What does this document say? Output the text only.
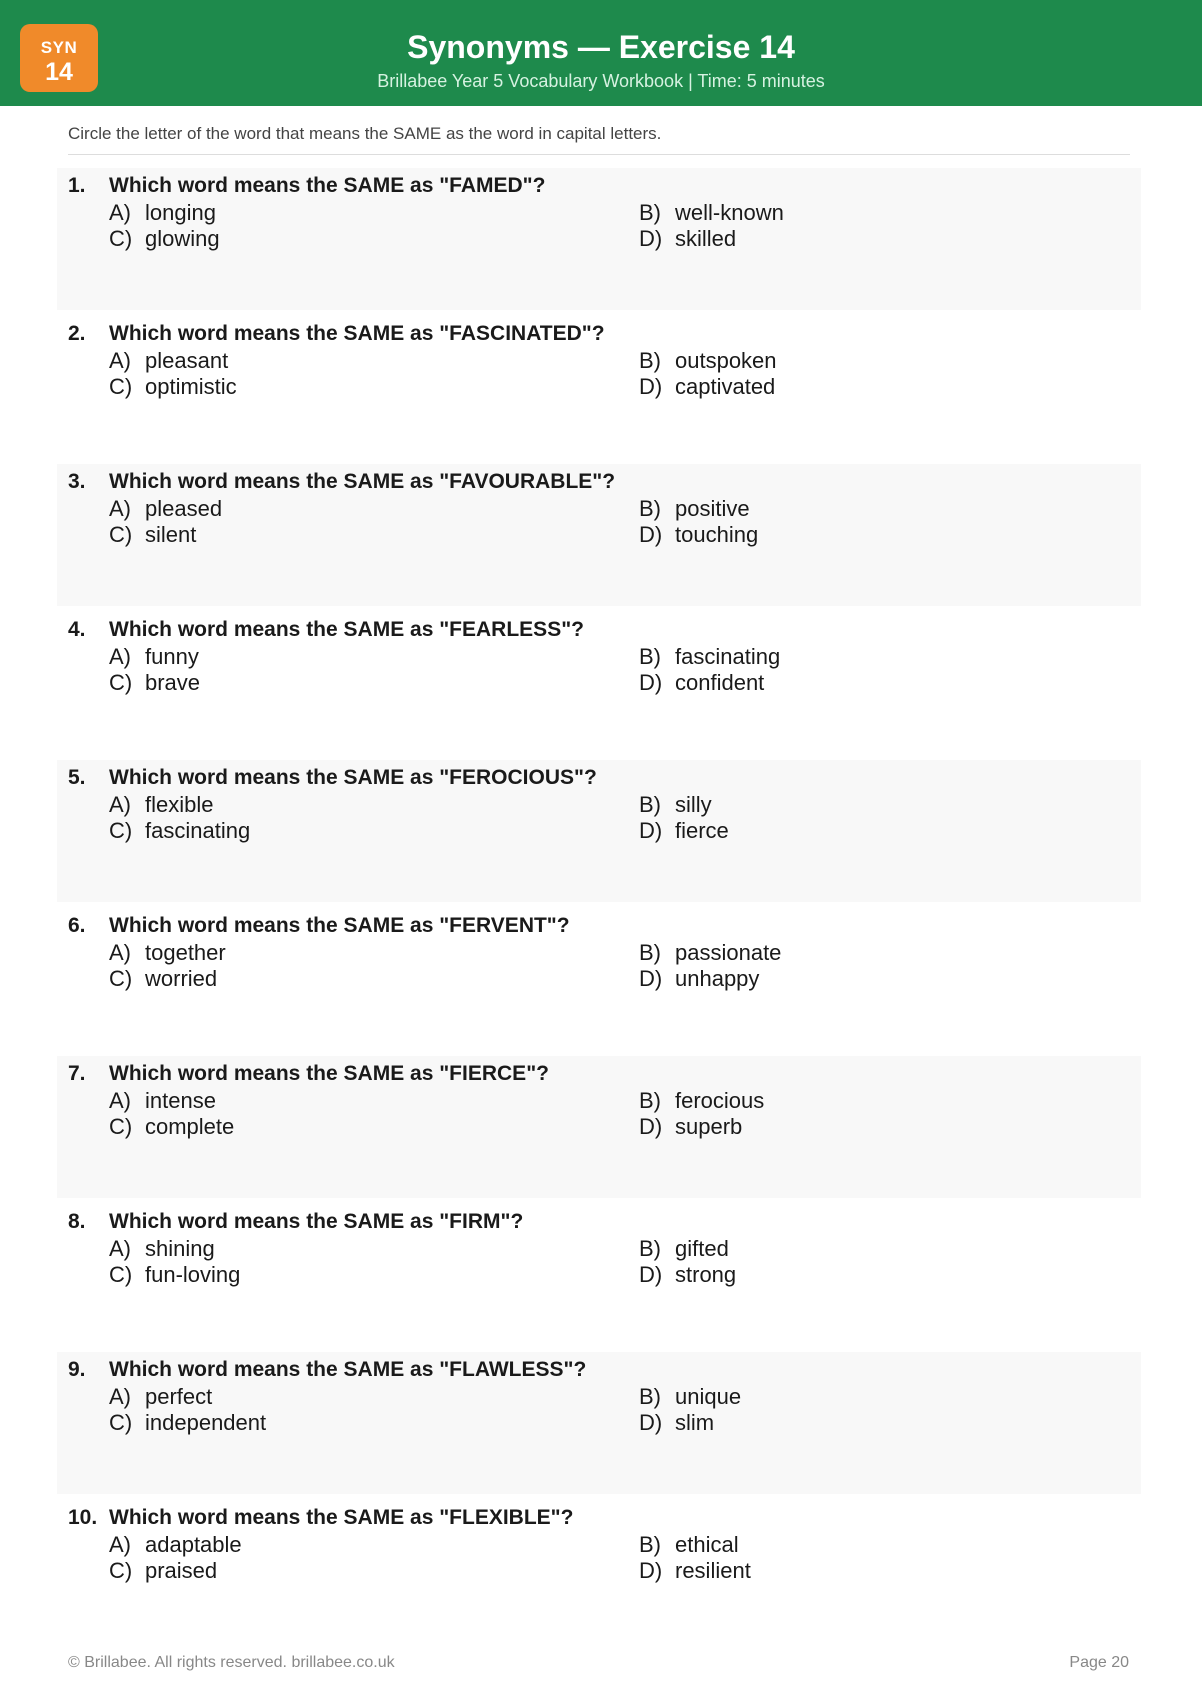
SYN
14
Synonyms — Exercise 14
Brillabee Year 5 Vocabulary Workbook | Time: 5 minutes
Circle the letter of the word that means the SAME as the word in capital letters.
1. Which word means the SAME as "FAMED"?
A) longing	B) well-known
C) glowing	D) skilled
2. Which word means the SAME as "FASCINATED"?
A) pleasant	B) outspoken
C) optimistic	D) captivated
3. Which word means the SAME as "FAVOURABLE"?
A) pleased	B) positive
C) silent	D) touching
4. Which word means the SAME as "FEARLESS"?
A) funny	B) fascinating
C) brave	D) confident
5. Which word means the SAME as "FEROCIOUS"?
A) flexible	B) silly
C) fascinating	D) fierce
6. Which word means the SAME as "FERVENT"?
A) together	B) passionate
C) worried	D) unhappy
7. Which word means the SAME as "FIERCE"?
A) intense	B) ferocious
C) complete	D) superb
8. Which word means the SAME as "FIRM"?
A) shining	B) gifted
C) fun-loving	D) strong
9. Which word means the SAME as "FLAWLESS"?
A) perfect	B) unique
C) independent	D) slim
10. Which word means the SAME as "FLEXIBLE"?
A) adaptable	B) ethical
C) praised	D) resilient
© Brillabee. All rights reserved. brillabee.co.uk	Page 20
